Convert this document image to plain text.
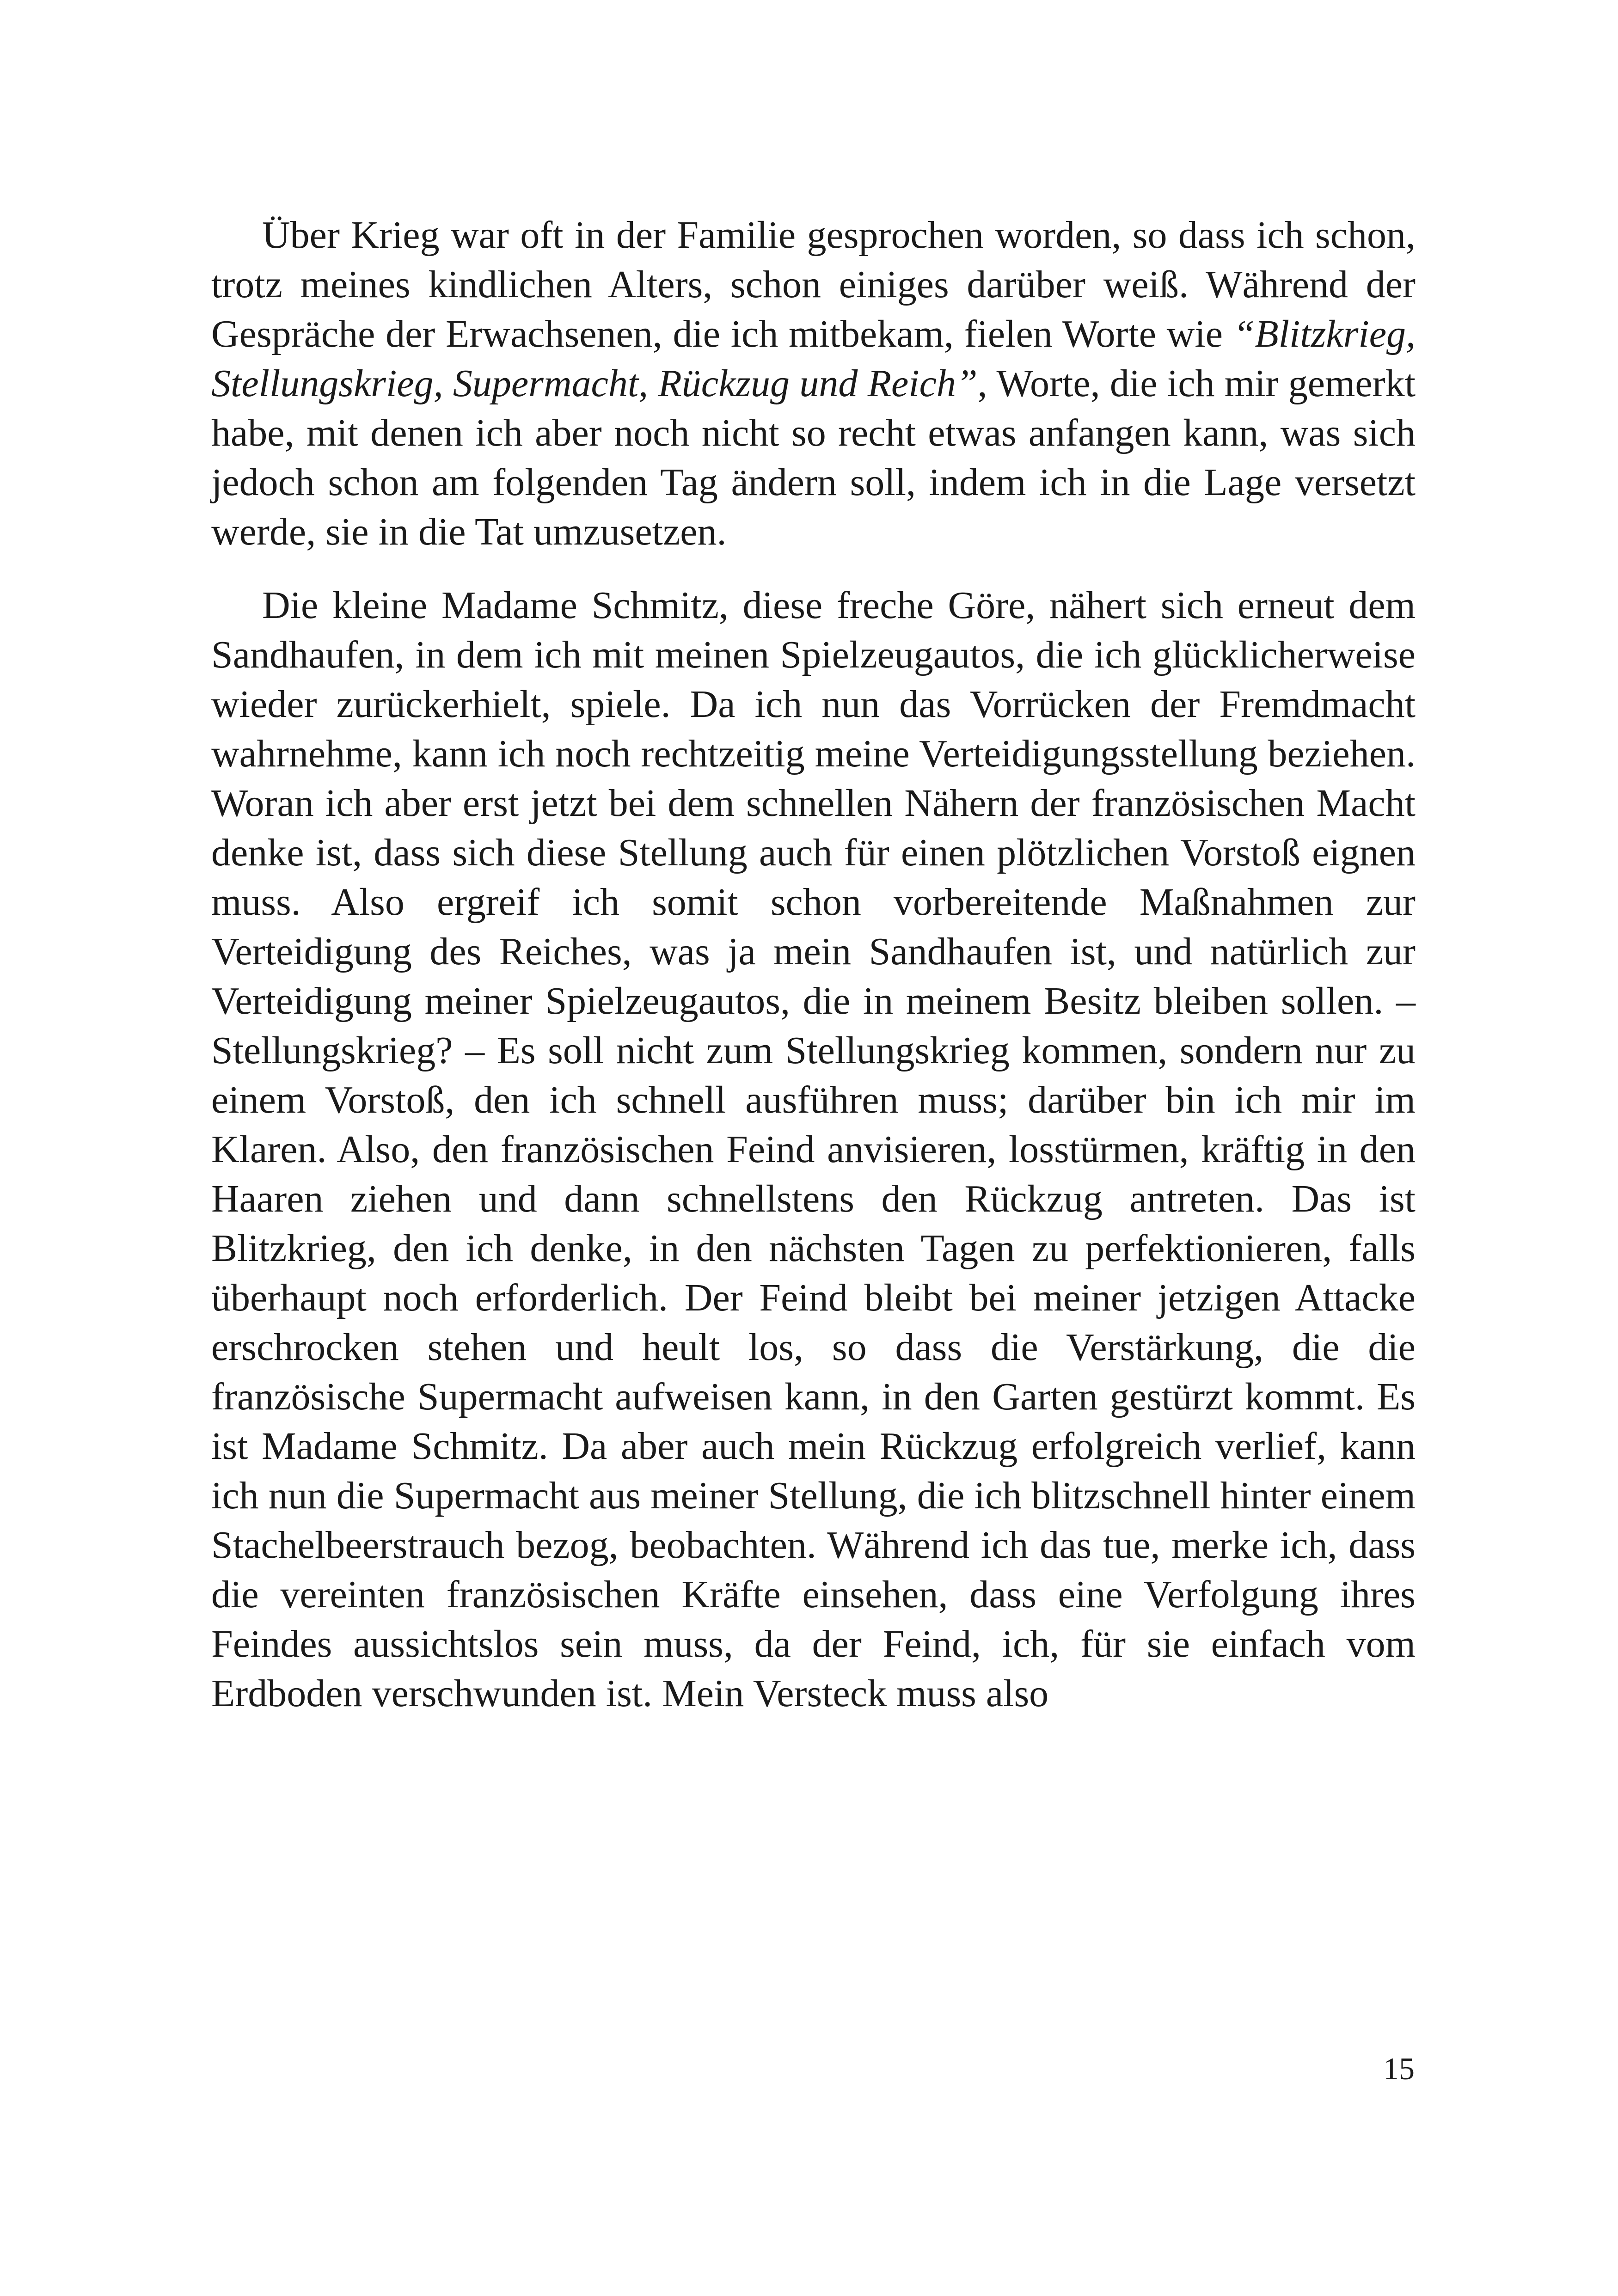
Über Krieg war oft in der Familie gesprochen worden, so dass ich schon, trotz meines kindlichen Alters, schon einiges darüber weiß. Während der Gespräche der Erwachsenen, die ich mitbekam, fielen Worte wie “Blitzkrieg, Stellungskrieg, Supermacht, Rückzug und Reich”, Worte, die ich mir gemerkt habe, mit denen ich aber noch nicht so recht etwas anfangen kann, was sich jedoch schon am folgenden Tag ändern soll, indem ich in die Lage versetzt werde, sie in die Tat umzusetzen.

Die kleine Madame Schmitz, diese freche Göre, nähert sich erneut dem Sandhaufen, in dem ich mit meinen Spielzeugautos, die ich glücklicherweise wieder zurückerhielt, spiele. Da ich nun das Vorrücken der Fremdmacht wahrnehme, kann ich noch rechtzeitig meine Verteidigungsstellung beziehen. Woran ich aber erst jetzt bei dem schnellen Nähern der französischen Macht denke ist, dass sich diese Stellung auch für einen plötzlichen Vorstoß eignen muss. Also ergreif ich somit schon vorbereitende Maßnahmen zur Verteidigung des Reiches, was ja mein Sandhaufen ist, und natürlich zur Verteidigung meiner Spielzeugautos, die in meinem Besitz bleiben sollen. – Stellungskrieg? – Es soll nicht zum Stellungskrieg kommen, sondern nur zu einem Vorstoß, den ich schnell ausführen muss; darüber bin ich mir im Klaren. Also, den französischen Feind anvisieren, losstürmen, kräftig in den Haaren ziehen und dann schnellstens den Rückzug antreten. Das ist Blitzkrieg, den ich denke, in den nächsten Tagen zu perfektionieren, falls überhaupt noch erforderlich. Der Feind bleibt bei meiner jetzigen Attacke erschrocken stehen und heult los, so dass die Verstärkung, die die französische Supermacht aufweisen kann, in den Garten gestürzt kommt. Es ist Madame Schmitz. Da aber auch mein Rückzug erfolgreich verlief, kann ich nun die Supermacht aus meiner Stellung, die ich blitzschnell hinter einem Stachelbeerstrauch bezog, beobachten. Während ich das tue, merke ich, dass die vereinten französischen Kräfte einsehen, dass eine Verfolgung ihres Feindes aussichtslos sein muss, da der Feind, ich, für sie einfach vom Erdboden verschwunden ist. Mein Versteck muss also

15
